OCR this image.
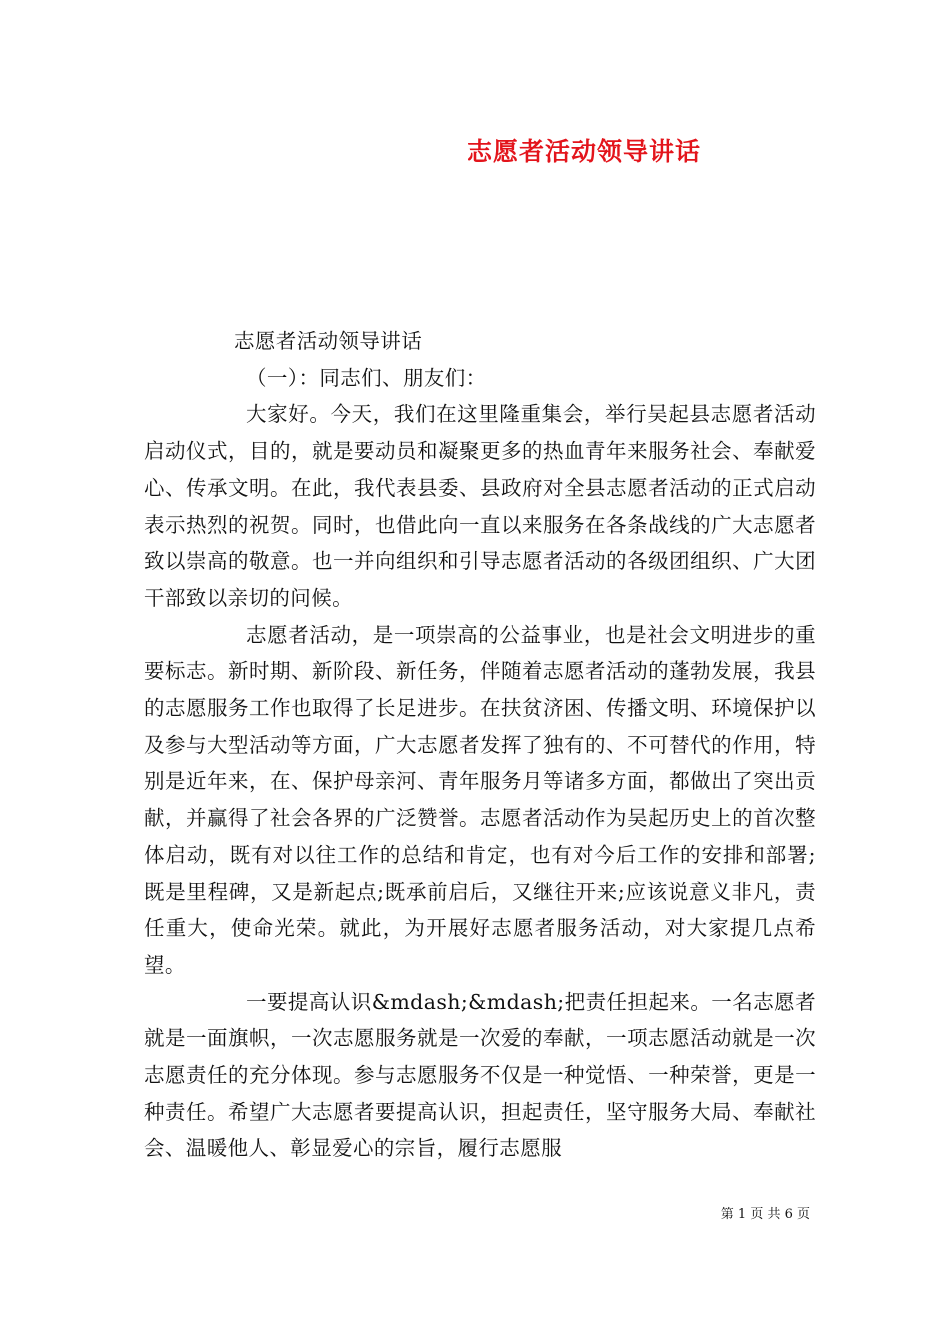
志愿者活动领导讲话

志愿者活动领导讲话

（一）：同志们、朋友们：

大家好。今天，我们在这里隆重集会，举行吴起县志愿者活动启动仪式，目的，就是要动员和凝聚更多的热血青年来服务社会、奉献爱心、传承文明。在此，我代表县委、县政府对全县志愿者活动的正式启动表示热烈的祝贺。同时，也借此向一直以来服务在各条战线的广大志愿者致以崇高的敬意。也一并向组织和引导志愿者活动的各级团组织、广大团干部致以亲切的问候。

志愿者活动，是一项崇高的公益事业，也是社会文明进步的重要标志。新时期、新阶段、新任务，伴随着志愿者活动的蓬勃发展，我县的志愿服务工作也取得了长足进步。在扶贫济困、传播文明、环境保护以及参与大型活动等方面，广大志愿者发挥了独有的、不可替代的作用，特别是近年来，在、保护母亲河、青年服务月等诸多方面，都做出了突出贡献，并赢得了社会各界的广泛赞誉。志愿者活动作为吴起历史上的首次整体启动，既有对以往工作的总结和肯定，也有对今后工作的安排和部署;既是里程碑，又是新起点;既承前启后，又继往开来;应该说意义非凡，责任重大，使命光荣。就此，为开展好志愿者服务活动，对大家提几点希望。

一要提高认识&mdash;&mdash;把责任担起来。一名志愿者就是一面旗帜，一次志愿服务就是一次爱的奉献，一项志愿活动就是一次志愿责任的充分体现。参与志愿服务不仅是一种觉悟、一种荣誉，更是一种责任。希望广大志愿者要提高认识，担起责任，坚守服务大局、奉献社会、温暖他人、彰显爱心的宗旨，履行志愿服

第 1 页 共 6 页
